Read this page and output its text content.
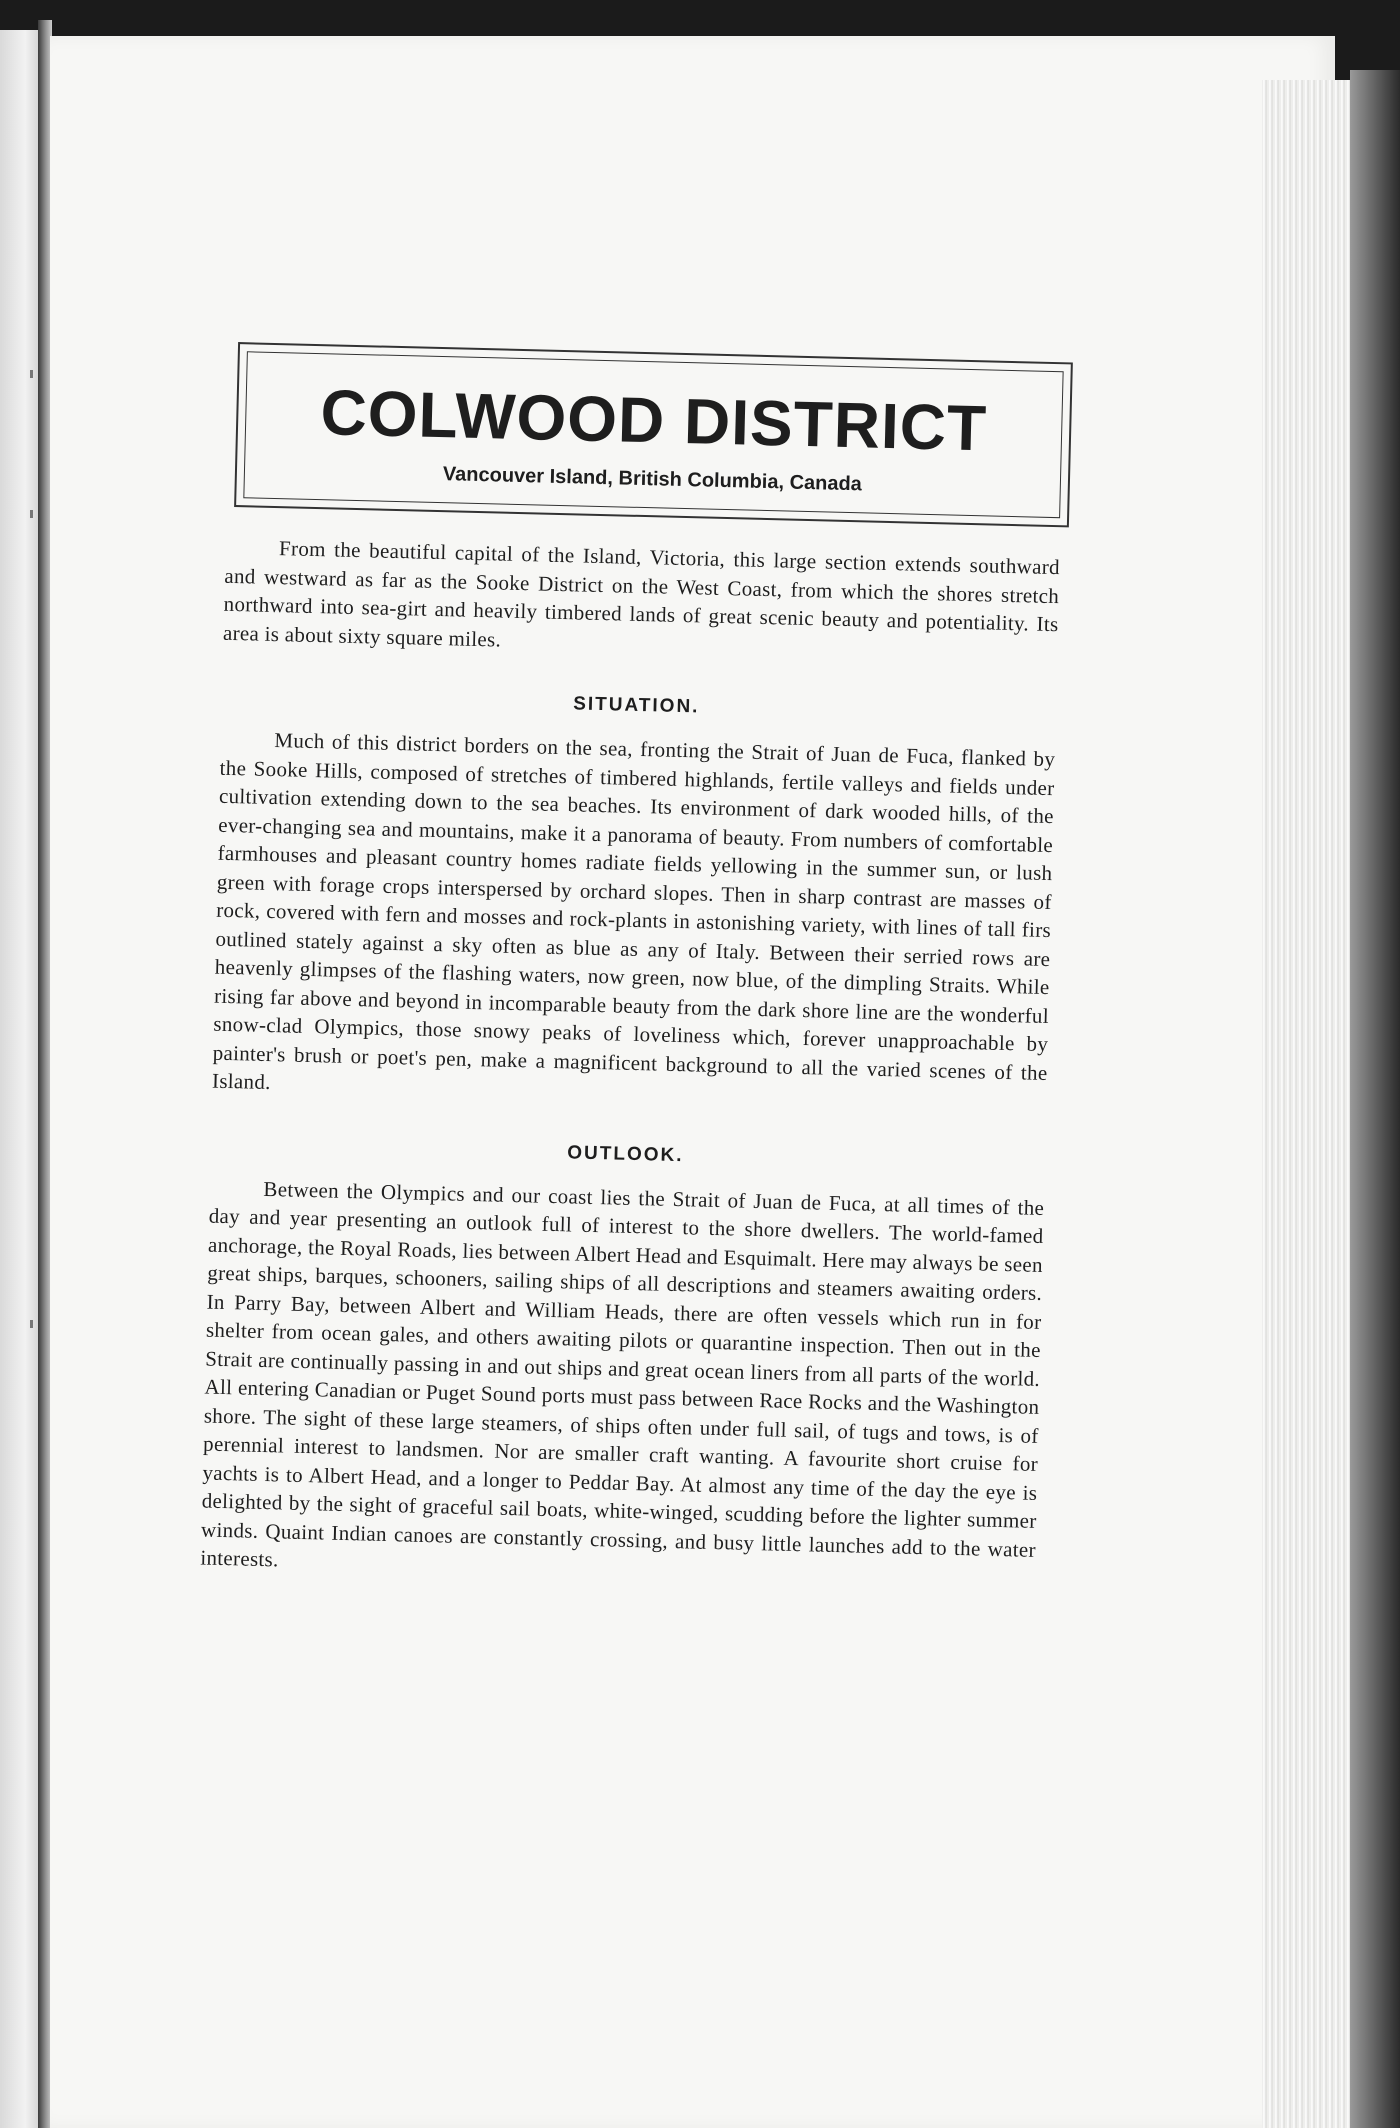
COLWOOD DISTRICT
Vancouver Island, British Columbia, Canada

From the beautiful capital of the Island, Victoria, this large section extends southward and westward as far as the Sooke District on the West Coast, from which the shores stretch northward into sea-girt and heavily timbered lands of great scenic beauty and potentiality. Its area is about sixty square miles.

SITUATION.

Much of this district borders on the sea, fronting the Strait of Juan de Fuca, flanked by the Sooke Hills, composed of stretches of timbered highlands, fertile valleys and fields under cultivation extending down to the sea beaches. Its environment of dark wooded hills, of the ever-changing sea and mountains, make it a panorama of beauty. From numbers of comfortable farmhouses and pleasant country homes radiate fields yellowing in the summer sun, or lush green with forage crops interspersed by orchard slopes. Then in sharp contrast are masses of rock, covered with fern and mosses and rock-plants in astonishing variety, with lines of tall firs outlined stately against a sky often as blue as any of Italy. Between their serried rows are heavenly glimpses of the flashing waters, now green, now blue, of the dimpling Straits. While rising far above and beyond in incomparable beauty from the dark shore line are the wonderful snow-clad Olympics, those snowy peaks of loveliness which, forever unapproachable by painter's brush or poet's pen, make a magnificent background to all the varied scenes of the Island.

OUTLOOK.

Between the Olympics and our coast lies the Strait of Juan de Fuca, at all times of the day and year presenting an outlook full of interest to the shore dwellers. The world-famed anchorage, the Royal Roads, lies between Albert Head and Esquimalt. Here may always be seen great ships, barques, schooners, sailing ships of all descriptions and steamers awaiting orders. In Parry Bay, between Albert and William Heads, there are often vessels which run in for shelter from ocean gales, and others awaiting pilots or quarantine inspection. Then out in the Strait are continually passing in and out ships and great ocean liners from all parts of the world. All entering Canadian or Puget Sound ports must pass between Race Rocks and the Washington shore. The sight of these large steamers, of ships often under full sail, of tugs and tows, is of perennial interest to landsmen. Nor are smaller craft wanting. A favourite short cruise for yachts is to Albert Head, and a longer to Peddar Bay. At almost any time of the day the eye is delighted by the sight of graceful sail boats, white-winged, scudding before the lighter summer winds. Quaint Indian canoes are constantly crossing, and busy little launches add to the water interests.
